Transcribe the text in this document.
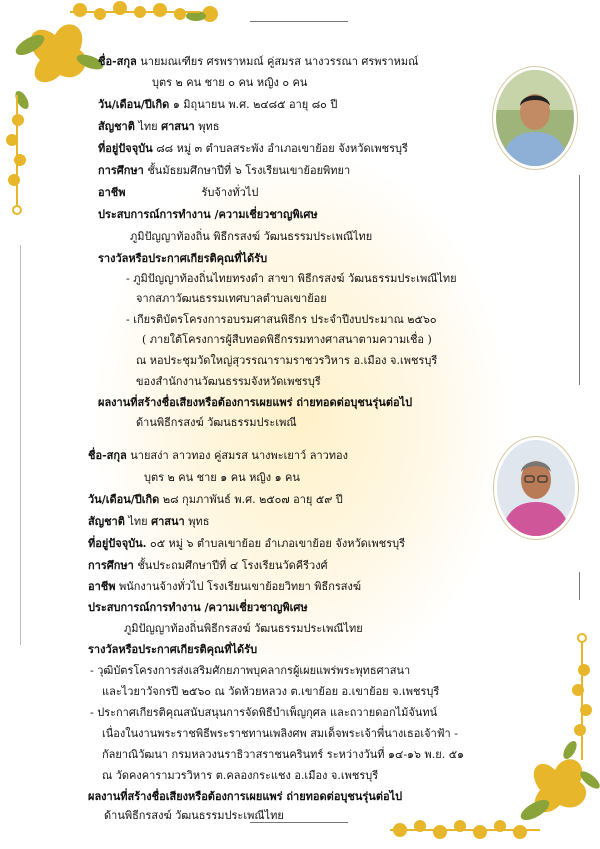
ชื่อ-สกุล นายมณเฑียร ศรพราหมณ์ คู่สมรส นางวรรณา ศรพราหมณ์
บุตร ๒ คน ชาย ๐ คน หญิง ๐ คน
วัน/เดือน/ปีเกิด ๑ มิถุนายน พ.ศ. ๒๔๘๕ อายุ ๘๐ ปี
สัญชาติ ไทย ศาสนา พุทธ
ที่อยู่ปัจจุบัน ๘๘ หมู่ ๓ ตำบลสระพัง อำเภอเขาย้อย จังหวัดเพชรบุรี
การศึกษา ชั้นมัธยมศึกษาปีที่ ๖ โรงเรียนเขาย้อยพิทยา
อาชีพ	รับจ้างทั่วไป
ประสบการณ์การทำงาน /ความเชี่ยวชาญพิเศษ
ภูมิปัญญาท้องถิ่น พิธีกรสงฆ์ วัฒนธรรมประเพณีไทย
รางวัลหรือประกาศเกียรติคุณที่ได้รับ
- ภูมิปัญญาท้องถิ่นไทยทรงดำ สาขา พิธีกรสงฆ์ วัฒนธรรมประเพณีไทย
จากสภาวัฒนธรรมเทศบาลตำบลเขาย้อย
- เกียรติบัตรโครงการอบรมศาสนพิธีกร ประจำปีงบประมาณ ๒๕๖๐
( ภายใต้โครงการผู้สืบทอดพิธีกรรมทางศาสนาตามความเชื่อ )
ณ หอประชุมวัดใหญ่สุวรรณารามราชวรวิหาร อ.เมือง จ.เพชรบุรี
ของสำนักงานวัฒนธรรมจังหวัดเพชรบุรี
ผลงานที่สร้างชื่อเสียงหรือต้องการเผยแพร่ ถ่ายทอดต่อบุชนรุ่นต่อไป
ด้านพิธีกรสงฆ์ วัฒนธรรมประเพณี
ชื่อ-สกุล นายสง่า ลาวทอง คู่สมรส นางพะเยาว์ ลาวทอง
บุตร ๒ คน ชาย ๑ คน หญิง ๑ คน
วัน/เดือน/ปีเกิด ๒๘ กุมภาพันธ์ พ.ศ. ๒๕๐๗ อายุ ๕๙ ปี
สัญชาติ ไทย ศาสนา พุทธ
ที่อยู่ปัจจุบัน. ๐๕ หมู่ ๖ ตำบลเขาย้อย อำเภอเขาย้อย จังหวัดเพชรบุรี
การศึกษา ชั้นประถมศึกษาปีที่ ๔ โรงเรียนวัดคีรีวงศ์
อาชีพ พนักงานจ้างทั่วไป โรงเรียนเขาย้อยวิทยา พิธีกรสงฆ์
ประสบการณ์การทำงาน /ความเชี่ยวชาญพิเศษ
ภูมิปัญญาท้องถิ่นพิธีกรสงฆ์ วัฒนธรรมประเพณีไทย
รางวัลหรือประกาศเกียรติคุณที่ได้รับ
- วุฒิบัตรโครงการส่งเสริมศักยภาพบุคลากรผู้เผยแพร่พระพุทธศาสนา
และไวยาวัจกรปี ๒๕๖๐ ณ วัดห้วยหลวง ต.เขาย้อย อ.เขาย้อย จ.เพชรบุรี
- ประกาศเกียรติคุณสนับสนุนการจัดพิธีบำเพ็ญกุศล และถวายดอกไม้จันทน์
เนื่องในงานพระราชพิธีพระราชทานเพลิงศพ สมเด็จพระเจ้าพี่นางเธอเจ้าฟ้า -
กัลยาณิวัฒนา กรมหลวงนราธิวาสราชนครินทร์ ระหว่างวันที่ ๑๔-๑๖ พ.ย. ๕๑
ณ วัดคงคารามวรวิหาร ต.คลองกระแชง อ.เมือง จ.เพชรบุรี
ผลงานที่สร้างชื่อเสียงหรือต้องการเผยแพร่ ถ่ายทอดต่อบุชนรุ่นต่อไป
ด้านพิธีกรสงฆ์ วัฒนธรรมประเพณีไทย
